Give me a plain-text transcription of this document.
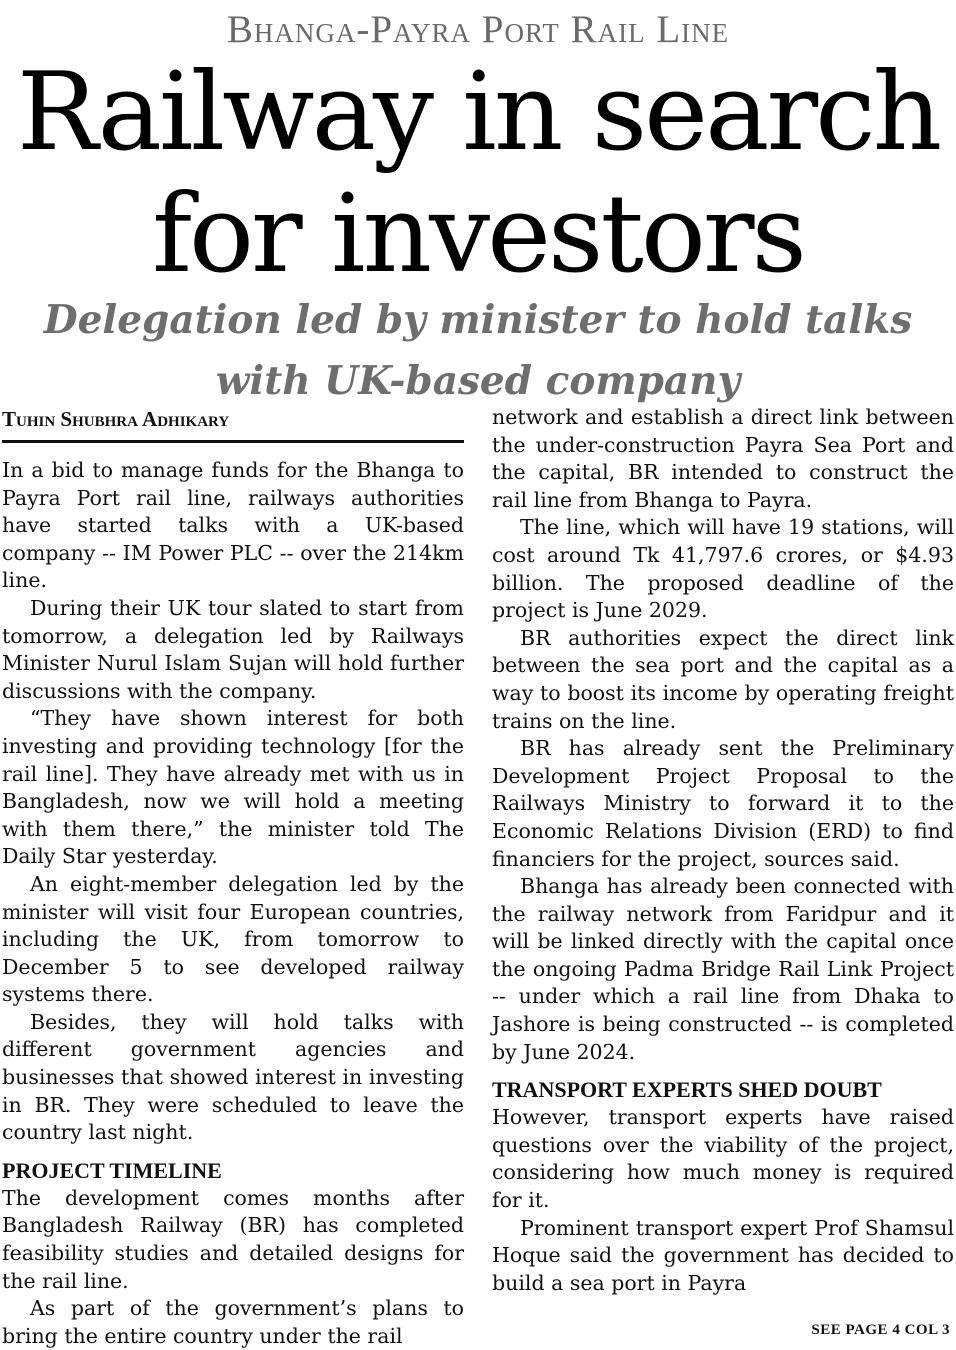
Bhanga-Payra Port Rail Line
Railway in search for investors
Delegation led by minister to hold talks with UK-based company
Tuhin Shubhra Adhikary

In a bid to manage funds for the Bhanga to Payra Port rail line, railways authorities have started talks with a UK-based company -- IM Power PLC -- over the 214km line.

During their UK tour slated to start from tomorrow, a delegation led by Railways Minister Nurul Islam Sujan will hold further discussions with the company.

“They have shown interest for both investing and providing technology [for the rail line]. They have already met with us in Bangladesh, now we will hold a meeting with them there,” the minister told The Daily Star yesterday.

An eight-member delegation led by the minister will visit four European countries, including the UK, from tomorrow to December 5 to see developed railway systems there.

Besides, they will hold talks with different government agencies and businesses that showed interest in investing in BR. They were scheduled to leave the country last night.

PROJECT TIMELINE

The development comes months after Bangladesh Railway (BR) has completed feasibility studies and detailed designs for the rail line.

As part of the government’s plans to bring the entire country under the rail

network and establish a direct link between the under-construction Payra Sea Port and the capital, BR intended to construct the rail line from Bhanga to Payra.

The line, which will have 19 stations, will cost around Tk 41,797.6 crores, or $4.93 billion. The proposed deadline of the project is June 2029.

BR authorities expect the direct link between the sea port and the capital as a way to boost its income by operating freight trains on the line.

BR has already sent the Preliminary Development Project Proposal to the Railways Ministry to forward it to the Economic Relations Division (ERD) to find financiers for the project, sources said.

Bhanga has already been connected with the railway network from Faridpur and it will be linked directly with the capital once the ongoing Padma Bridge Rail Link Project -- under which a rail line from Dhaka to Jashore is being constructed -- is completed by June 2024.

TRANSPORT EXPERTS SHED DOUBT

However, transport experts have raised questions over the viability of the project, considering how much money is required for it.

Prominent transport expert Prof Shamsul Hoque said the government has decided to build a sea port in Payra

SEE PAGE 4 COL 3
